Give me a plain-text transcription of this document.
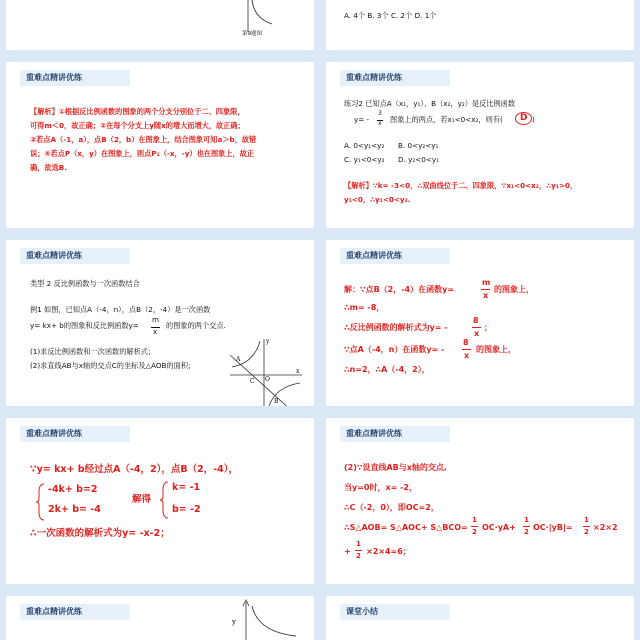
第9题图
A. 4个 B. 3个 C. 2个 D. 1个
重难点精讲优练
【解析】①根据反比例函数的图象的两个分支分别位于二、四象限，
可得m＜0，故正确；②在每个分支上y随x的增大而增大，故正确；
③若点A（-1，a），点B（2，b）在图象上，结合图象可知a＞b，故错
误；④若点P（x，y）在图象上，则点P₁（-x，-y）也在图象上，故正
确，故选B.
重难点精讲优练
练习2 已知点A（x₁，y₁）、B（x₂，y₂）是反比例函数
y= -
3
x 图象上的两点，若x₁<0<x₂，则有(	D )
A. 0<y₁<y₂ B. 0<y₂<y₁
C. y₁<0<y₂ D. y₂<0<y₁
【解析】∵k= -3<0，∴双曲线位于二、四象限，∵x₁<0<x₂，∴y₁>0，
y₁<0，∴y₁<0<y₂.
重难点精讲优练
类型 2 反比例函数与一次函数结合
例1 如图，已知点A（-4，n），点B（2，-4）是一次函数
y= kx+ b的图象和反比例函数y=
m
x
的图象的两个交点.
(1)求反比例函数和一次函数的解析式；
(2)求直线AB与x轴的交点C的坐标及△AOB的面积；
y
x
A
O
C
B
重难点精讲优练
解：∵点B（2，-4）在函数y=
m
x
的图象上，
∴m= -8，
∴反比例函数的解析式为y= -
8
x
；
∵点A（-4，n）在函数y= -
8
x
的图象上，
∴n=2，∴A（-4，2），
重难点精讲优练
∵y= kx+ b经过点A（-4，2），点B（2，-4），
-4k+ b=2
2k+ b= -4
解得
k= -1
b= -2
∴一次函数的解析式为y= -x-2；
重难点精讲优练
(2)∵设直线AB与x轴的交点,
当y=0时，x= -2，
∴C（-2，0），即OC=2，
∴S△AOB= S△AOC+ S△BCO=
1
2 OC·yA+
1
2 OC·|yB|=
1
2 ×2×2
+
1
2 ×2×4=6；
重难点精讲优练
y
课堂小结
